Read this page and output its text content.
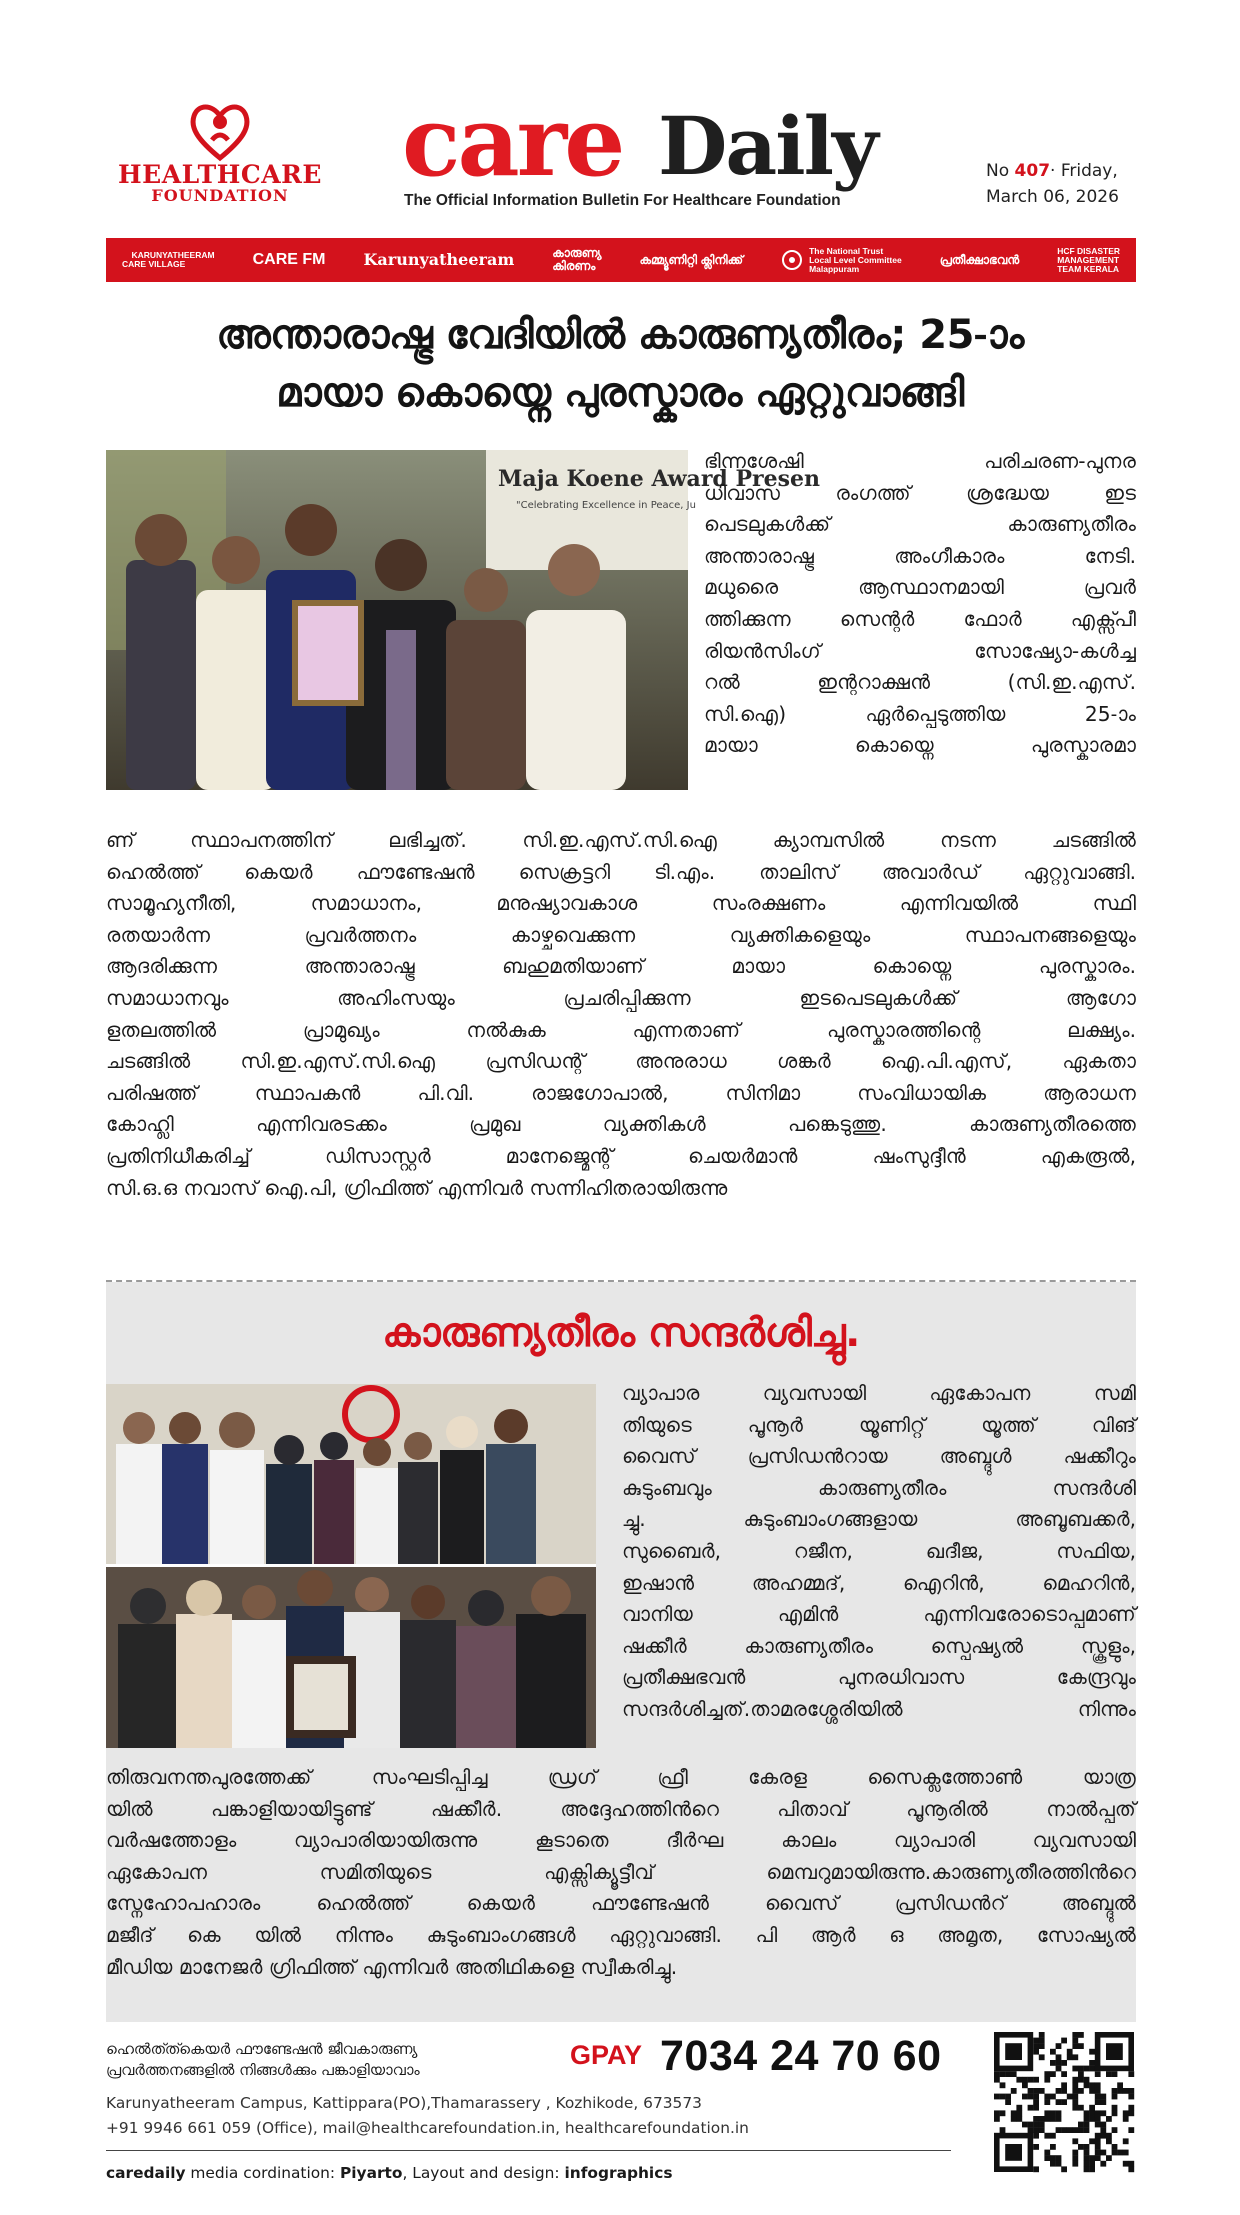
HEALTHCARE
FOUNDATION	care Daily
The Official Information Bulletin For Healthcare Foundation
No 407· Friday,
March 06, 2026

KARUNYATHEERAM
CARE VILLAGE
	CARE FM Karunyatheeram	കാരുണ്യ
കിരണം	കമ്മ്യൂണിറ്റി ക്ലിനിക്ക്
The National Trust
Local Level Committee
Malappuram
പ്രതീക്ഷാഭവൻ
HCF DISASTER
MANAGEMENT
TEAM KERALA
അന്താരാഷ്ട്ര വേദിയിൽ കാരുണ്യതീരം; 25-ാം
മായാ കൊയ്നെ പുരസ്കാരം ഏറ്റുവാങ്ങി
Maja Koene Award Presen
"Celebrating Excellence in Peace, Ju
ഭിന്നശേഷി പരിചരണ-പുനര
ധിവാസ രംഗത്ത് ശ്രദ്ധേയ ഇട
പെടലുകൾക്ക് കാരുണ്യതീരം
അന്താരാഷ്ട്ര അംഗീകാരം നേടി.
മധുരൈ ആസ്ഥാനമായി പ്രവർ
ത്തിക്കുന്ന സെന്റർ ഫോർ എക്സ്പീ
രിയൻസിംഗ് സോഷ്യോ-കൾച്ച
റൽ ഇന്ററാക്ഷൻ (സി.ഇ.എസ്.
സി.ഐ) ഏർപ്പെടുത്തിയ 25-ാം
മായാ കൊയ്നെ പുരസ്കാരമാ
ണ് സ്ഥാപനത്തിന് ലഭിച്ചത്. സി.ഇ.എസ്.സി.ഐ ക്യാമ്പസിൽ നടന്ന ചടങ്ങിൽ
ഹെൽത്ത് കെയർ ഫൗണ്ടേഷൻ സെക്രട്ടറി ടി.എം. താലിസ് അവാർഡ് ഏറ്റുവാങ്ങി.
സാമൂഹ്യനീതി, സമാധാനം, മനുഷ്യാവകാശ സംരക്ഷണം എന്നിവയിൽ സ്ഥി
രതയാർന്ന പ്രവർത്തനം കാഴ്ചവെക്കുന്ന വ്യക്തികളെയും സ്ഥാപനങ്ങളെയും
ആദരിക്കുന്ന അന്താരാഷ്ട്ര ബഹുമതിയാണ് മായാ കൊയ്നെ പുരസ്കാരം.
സമാധാനവും അഹിംസയും പ്രചരിപ്പിക്കുന്ന ഇടപെടലുകൾക്ക് ആഗോ
ളതലത്തിൽ പ്രാമുഖ്യം നൽകുക എന്നതാണ് പുരസ്കാരത്തിന്റെ ലക്ഷ്യം.
ചടങ്ങിൽ സി.ഇ.എസ്.സി.ഐ പ്രസിഡന്റ് അനുരാധ ശങ്കർ ഐ.പി.എസ്, ഏകതാ
പരിഷത്ത് സ്ഥാപകൻ പി.വി. രാജഗോപാൽ, സിനിമാ സംവിധായിക ആരാധന
കോഹ്ലി എന്നിവരടക്കം പ്രമുഖ വ്യക്തികൾ പങ്കെടുത്തു. കാരുണ്യതീരത്തെ
പ്രതിനിധീകരിച്ച് ഡിസാസ്റ്റർ മാനേജ്മെന്റ് ചെയർമാൻ ഷംസുദ്ദീൻ എകരൂൽ,
സി.ഒ.ഒ നവാസ് ഐ.പി, ഗ്രിഫിത്ത് എന്നിവർ സന്നിഹിതരായിരുന്നു
കാരുണ്യതീരം സന്ദർശിച്ചു.
വ്യാപാര വ്യവസായി ഏകോപന സമി
തിയുടെ പൂനൂർ യൂണിറ്റ് യൂത്ത് വിങ്
വൈസ് പ്രസിഡൻറായ അബ്ദുൾ ഷക്കീറും
കുടുംബവും കാരുണ്യതീരം സന്ദർശി
ച്ചു. കുടുംബാംഗങ്ങളായ അബൂബക്കർ,
സുബൈർ, റജീന, ഖദീജ, സഫിയ,
ഇഷാൻ അഹമ്മദ്, ഐറിൻ, മെഹറിൻ,
വാനിയ എമിൻ എന്നിവരോടൊപ്പമാണ്
ഷക്കീർ കാരുണ്യതീരം സ്പെഷ്യൽ സ്കൂളും,
പ്രതീക്ഷഭവൻ പുനരധിവാസ കേന്ദ്രവും
സന്ദർശിച്ചത്.താമരശ്ശേരിയിൽ നിന്നും
തിരുവനന്തപുരത്തേക്ക് സംഘടിപ്പിച്ച ഡ്രഗ് ഫ്രീ കേരള സൈക്ലത്തോൺ യാത്ര
യിൽ പങ്കാളിയായിട്ടുണ്ട് ഷക്കീർ. അദ്ദേഹത്തിൻറെ പിതാവ് പൂനൂരിൽ നാൽപ്പത്
വർഷത്തോളം വ്യാപാരിയായിരുന്നു കൂടാതെ ദീർഘ കാലം വ്യാപാരി വ്യവസായി
ഏകോപന സമിതിയുടെ എക്സിക്യൂട്ടീവ് മെമ്പറുമായിരുന്നു.കാരുണ്യതീരത്തിൻറെ
സ്നേഹോപഹാരം ഹെൽത്ത് കെയർ ഫൗണ്ടേഷൻ വൈസ് പ്രസിഡൻറ് അബ്ദുൽ
മജീദ് കെ യിൽ നിന്നും കുടുംബാംഗങ്ങൾ ഏറ്റുവാങ്ങി. പി ആർ ഒ അമൃത, സോഷ്യൽ
മീഡിയ മാനേജർ ഗ്രിഫിത്ത് എന്നിവർ അതിഥികളെ സ്വീകരിച്ചു.
ഹെൽത്ത്കെയർ ഫൗണ്ടേഷൻ ജീവകാരുണ്യ
പ്രവർത്തനങ്ങളിൽ നിങ്ങൾക്കും പങ്കാളിയാവാം	GPAY 7034 24 70 60
Karunyatheeram Campus, Kattippara(PO),Thamarassery , Kozhikode, 673573
+91 9946 661 059 (Office), mail@healthcarefoundation.in, healthcarefoundation.in
caredaily media cordination: Piyarto, Layout and design: infographics
